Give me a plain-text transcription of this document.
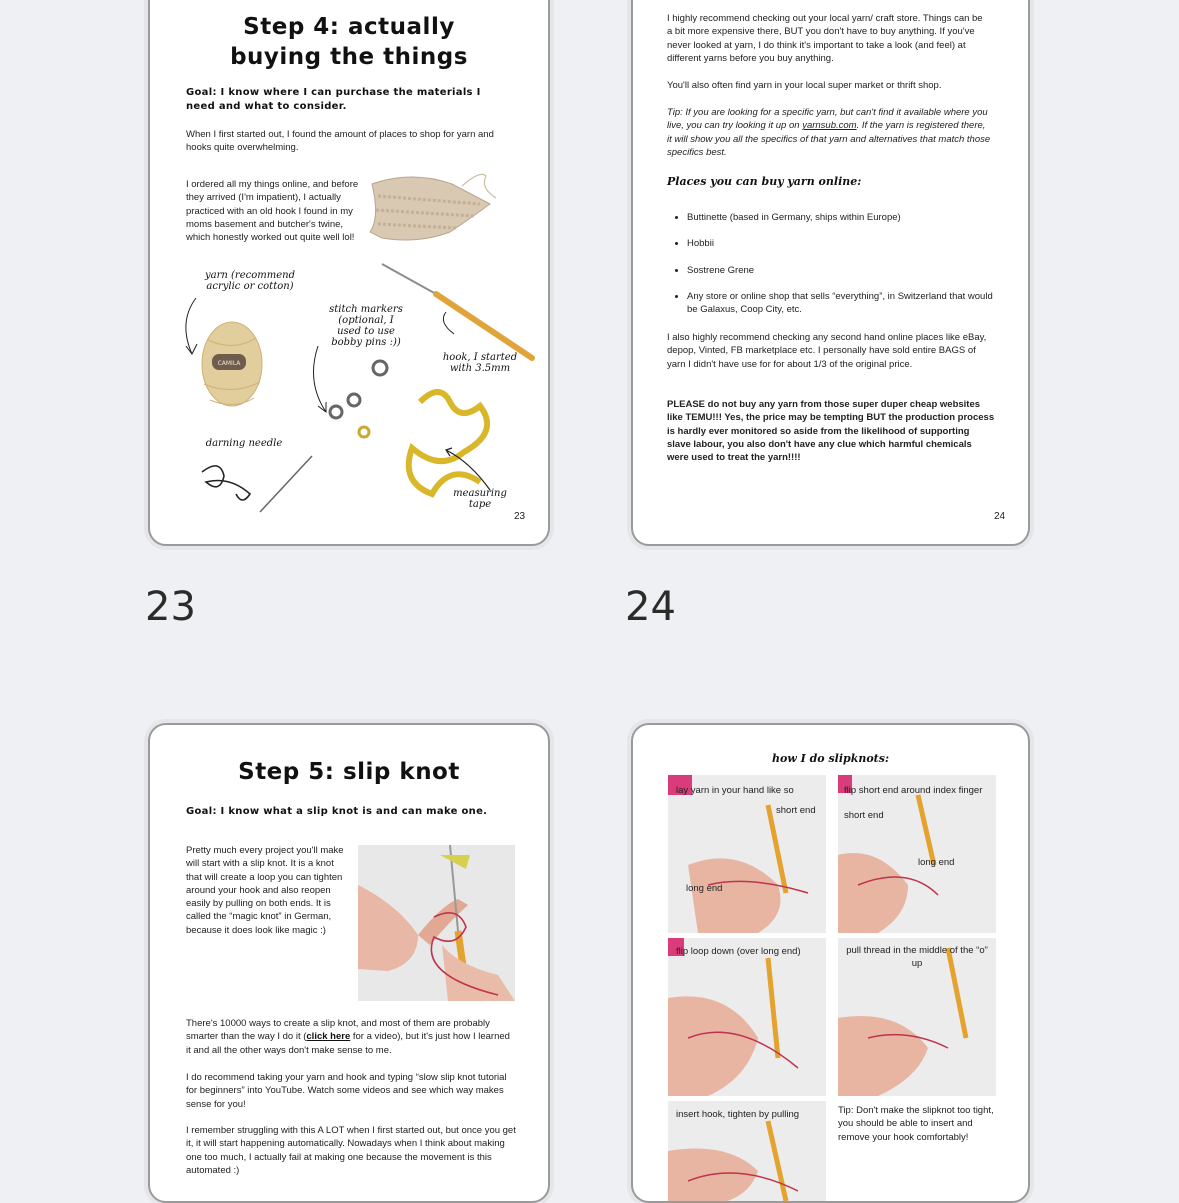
Step 4: actually
buying the things
Goal: I know where I can purchase the materials I need and what to consider.

When I first started out, I found the amount of places to shop for yarn and hooks quite overwhelming.

I ordered all my things online, and before they arrived (I'm impatient), I actually practiced with an old hook I found in my moms basement and butcher's twine, which honestly worked out quite well lol!

CAMILA
yarn (recommend
acrylic or cotton)
stitch markers
(optional, I
used to use
bobby pins :))
hook, I started
with 3.5mm
darning needle
measuring
tape
23

I highly recommend checking out your local yarn/ craft store. Things can be a bit more expensive there, BUT you don't have to buy anything. If you've never looked at yarn, I do think it's important to take a look (and feel) at different yarns before you buy anything.

You'll also often find yarn in your local super market or thrift shop.

Tip: If you are looking for a specific yarn, but can't find it available where you live, you can try looking it up on yarnsub.com. If the yarn is registered there, it will show you all the specifics of that yarn and alternatives that match those specifics best.

Places you can buy yarn online:
• Buttinette (based in Germany, ships within Europe)
• Hobbii
• Sostrene Grene
• Any store or online shop that sells “everything”, in Switzerland that would be Galaxus, Coop City, etc.

I also highly recommend checking any second hand online places like eBay, depop, Vinted, FB marketplace etc. I personally have sold entire BAGS of yarn I didn't have use for for about 1/3 of the original price.

PLEASE do not buy any yarn from those super duper cheap websites like TEMU!!! Yes, the price may be tempting BUT the production process is hardly ever monitored so aside from the likelihood of supporting slave labour, you also don't have any clue which harmful chemicals were used to treat the yarn!!!!

24
23	24
Step 5: slip knot
Goal: I know what a slip knot is and can make one.

Pretty much every project you'll make will start with a slip knot. It is a knot that will create a loop you can tighten around your hook and also reopen easily by pulling on both ends. It is called the “magic knot” in German, because it does look like magic :)

There's 10000 ways to create a slip knot, and most of them are probably smarter than the way I do it (click here for a video), but it's just how I learned it and all the other ways don't make sense to me.

I do recommend taking your yarn and hook and typing “slow slip knot tutorial for beginners” into YouTube. Watch some videos and see which way makes sense for you!

I remember struggling with this A LOT when I first started out, but once you get it, it will start happening automatically. Nowadays when I think about making one too much, I actually fail at making one because the movement is this automated :)

how I do slipknots:
lay yarn in your hand like so
short end
long end
flip short end around index finger
short end
long end
flip loop down (over long end)	pull thread in the middle of the “o” up
insert hook, tighten by pulling	Tip: Don't make the slipknot too tight, you should be able to insert and remove your hook comfortably!
